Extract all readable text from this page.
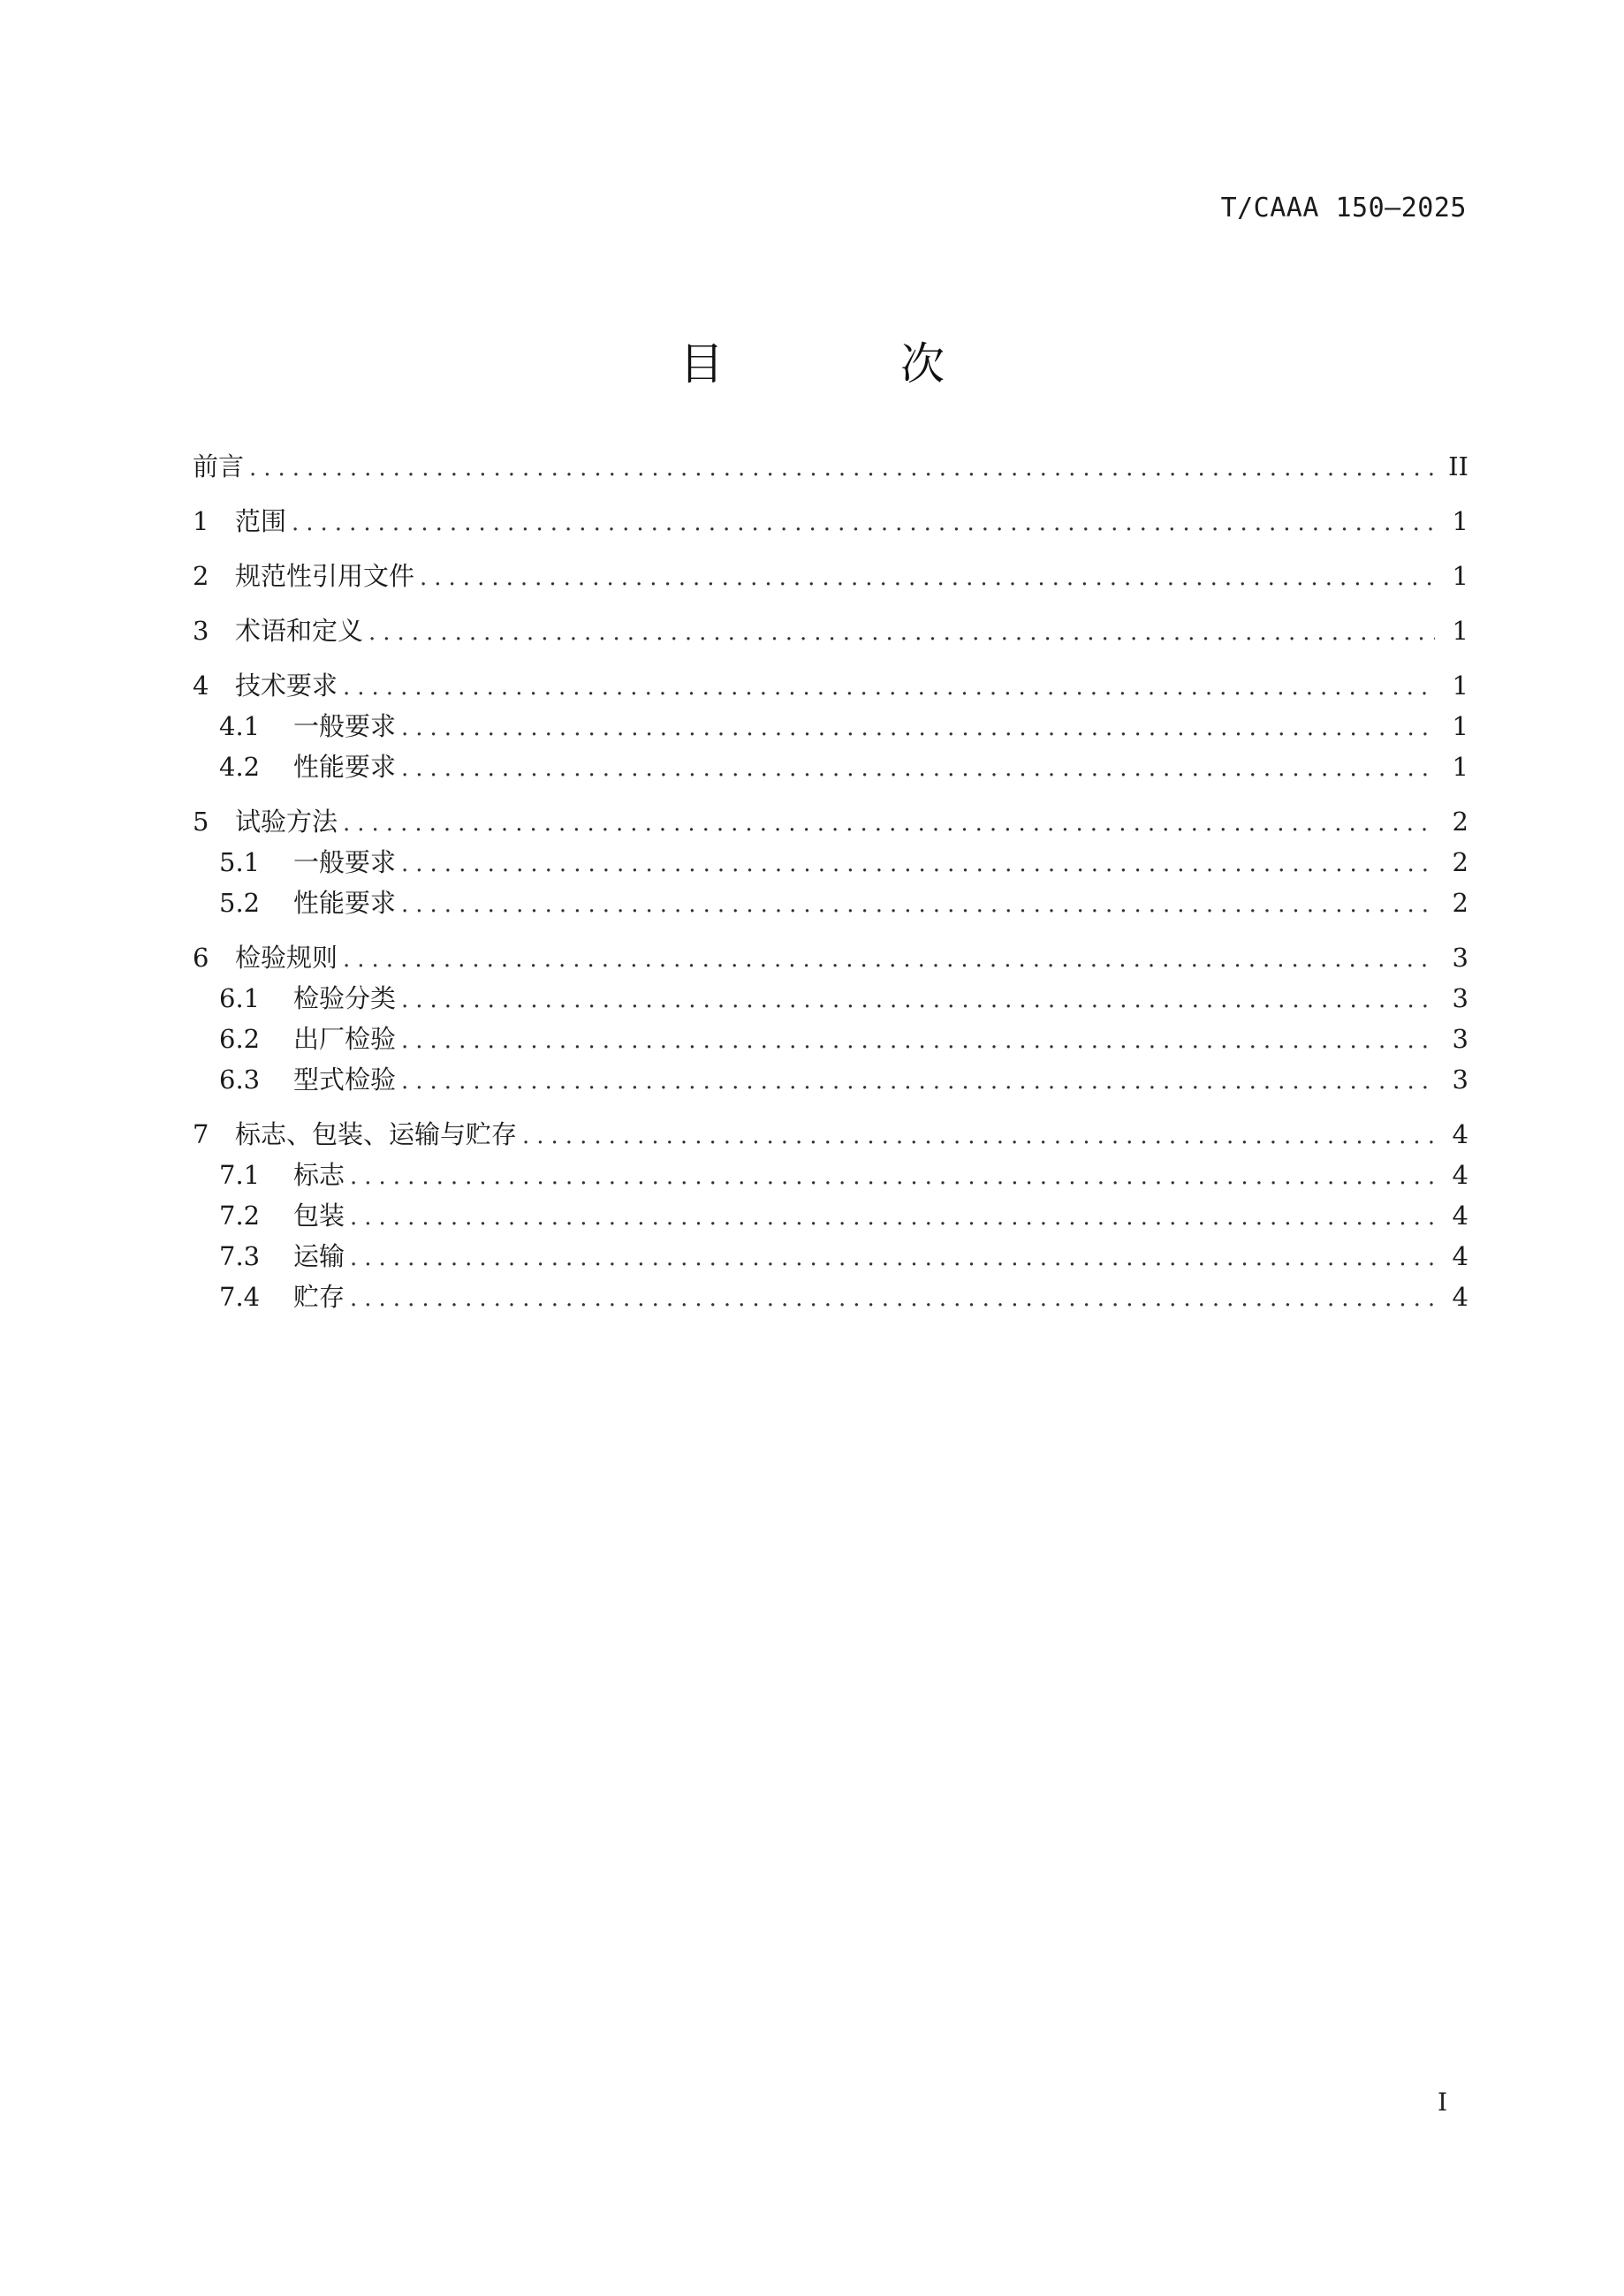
T/CAAA 150—2025
目 次
前言 .....	II
1	范围 .....	1
2	规范性引用文件 .....	1
3	术语和定义 .....	1
4	技术要求 .....	1
4.1	一般要求 .....	1
4.2	性能要求 .....	1
5	试验方法 .....	2
5.1	一般要求 .....	2
5.2	性能要求 .....	2
6	检验规则 .....	3
6.1	检验分类 .....	3
6.2	出厂检验 .....	3
6.3	型式检验 .....	3
7	标志、包装、运输与贮存 .....	4
7.1	标志 .....	4
7.2	包装 .....	4
7.3	运输 .....	4
7.4	贮存 .....	4
I
